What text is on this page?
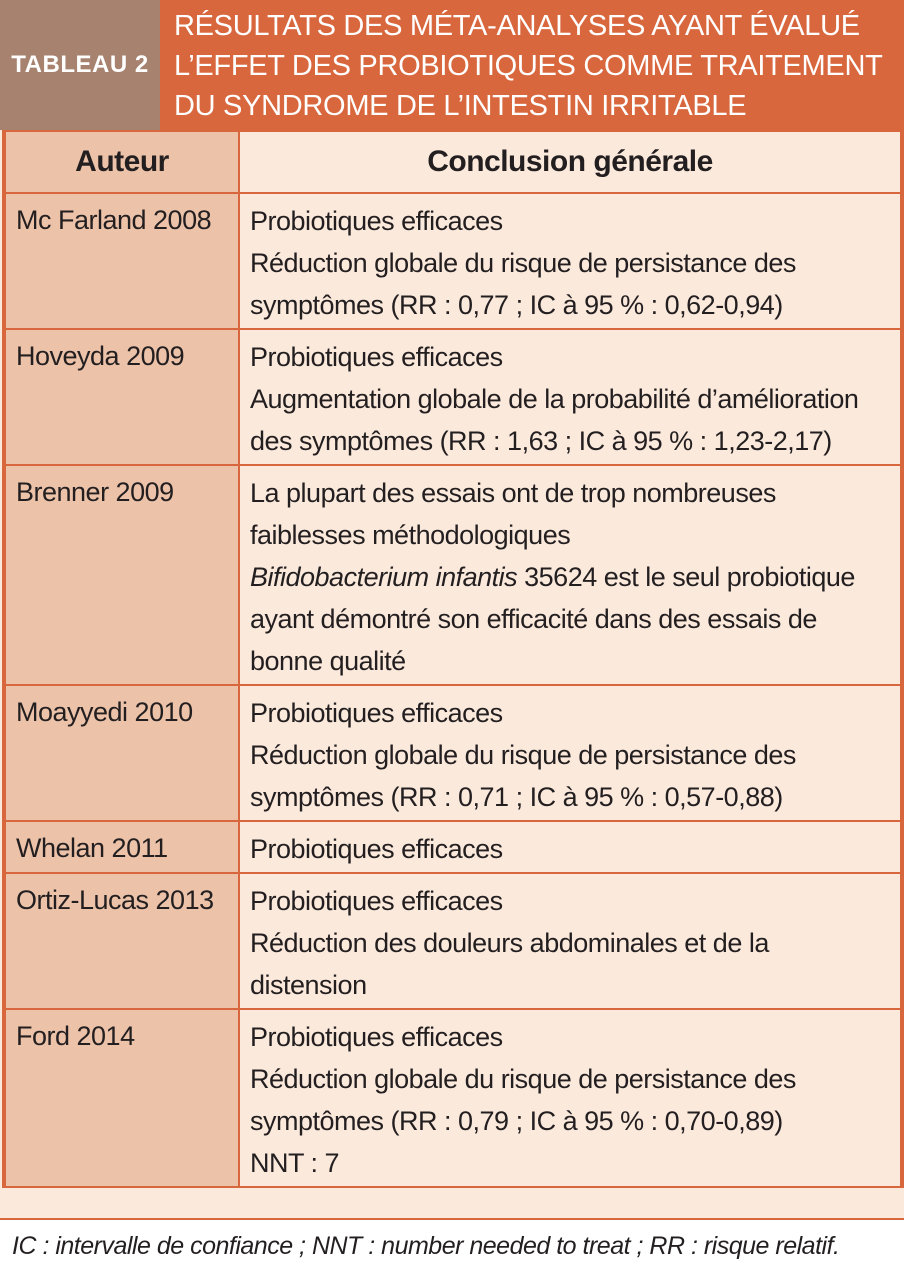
TABLEAU 2
RÉSULTATS DES MÉTA-ANALYSES AYANT ÉVALUÉ
L’EFFET DES PROBIOTIQUES COMME TRAITEMENT
DU SYNDROME DE L’INTESTIN IRRITABLE
Auteur	Conclusion générale
Mc Farland 2008	Probiotiques efficaces
Réduction globale du risque de persistance des
symptômes (RR : 0,77 ; IC à 95 % : 0,62-0,94)

Hoveyda 2009	Probiotiques efficaces
Augmentation globale de la probabilité d’amélioration
des symptômes (RR : 1,63 ; IC à 95 % : 1,23-2,17)

Brenner 2009	La plupart des essais ont de trop nombreuses
faiblesses méthodologiques
Bifidobacterium infantis 35624 est le seul probiotique
ayant démontré son efficacité dans des essais de
bonne qualité

Moayyedi 2010	Probiotiques efficaces
Réduction globale du risque de persistance des
symptômes (RR : 0,71 ; IC à 95 % : 0,57-0,88)

Whelan 2011	Probiotiques efficaces

Ortiz-Lucas 2013	Probiotiques efficaces
Réduction des douleurs abdominales et de la
distension

Ford 2014	Probiotiques efficaces
Réduction globale du risque de persistance des
symptômes (RR : 0,79 ; IC à 95 % : 0,70-0,89)
NNT : 7
IC : intervalle de confiance ; NNT : number needed to treat ; RR : risque relatif.
